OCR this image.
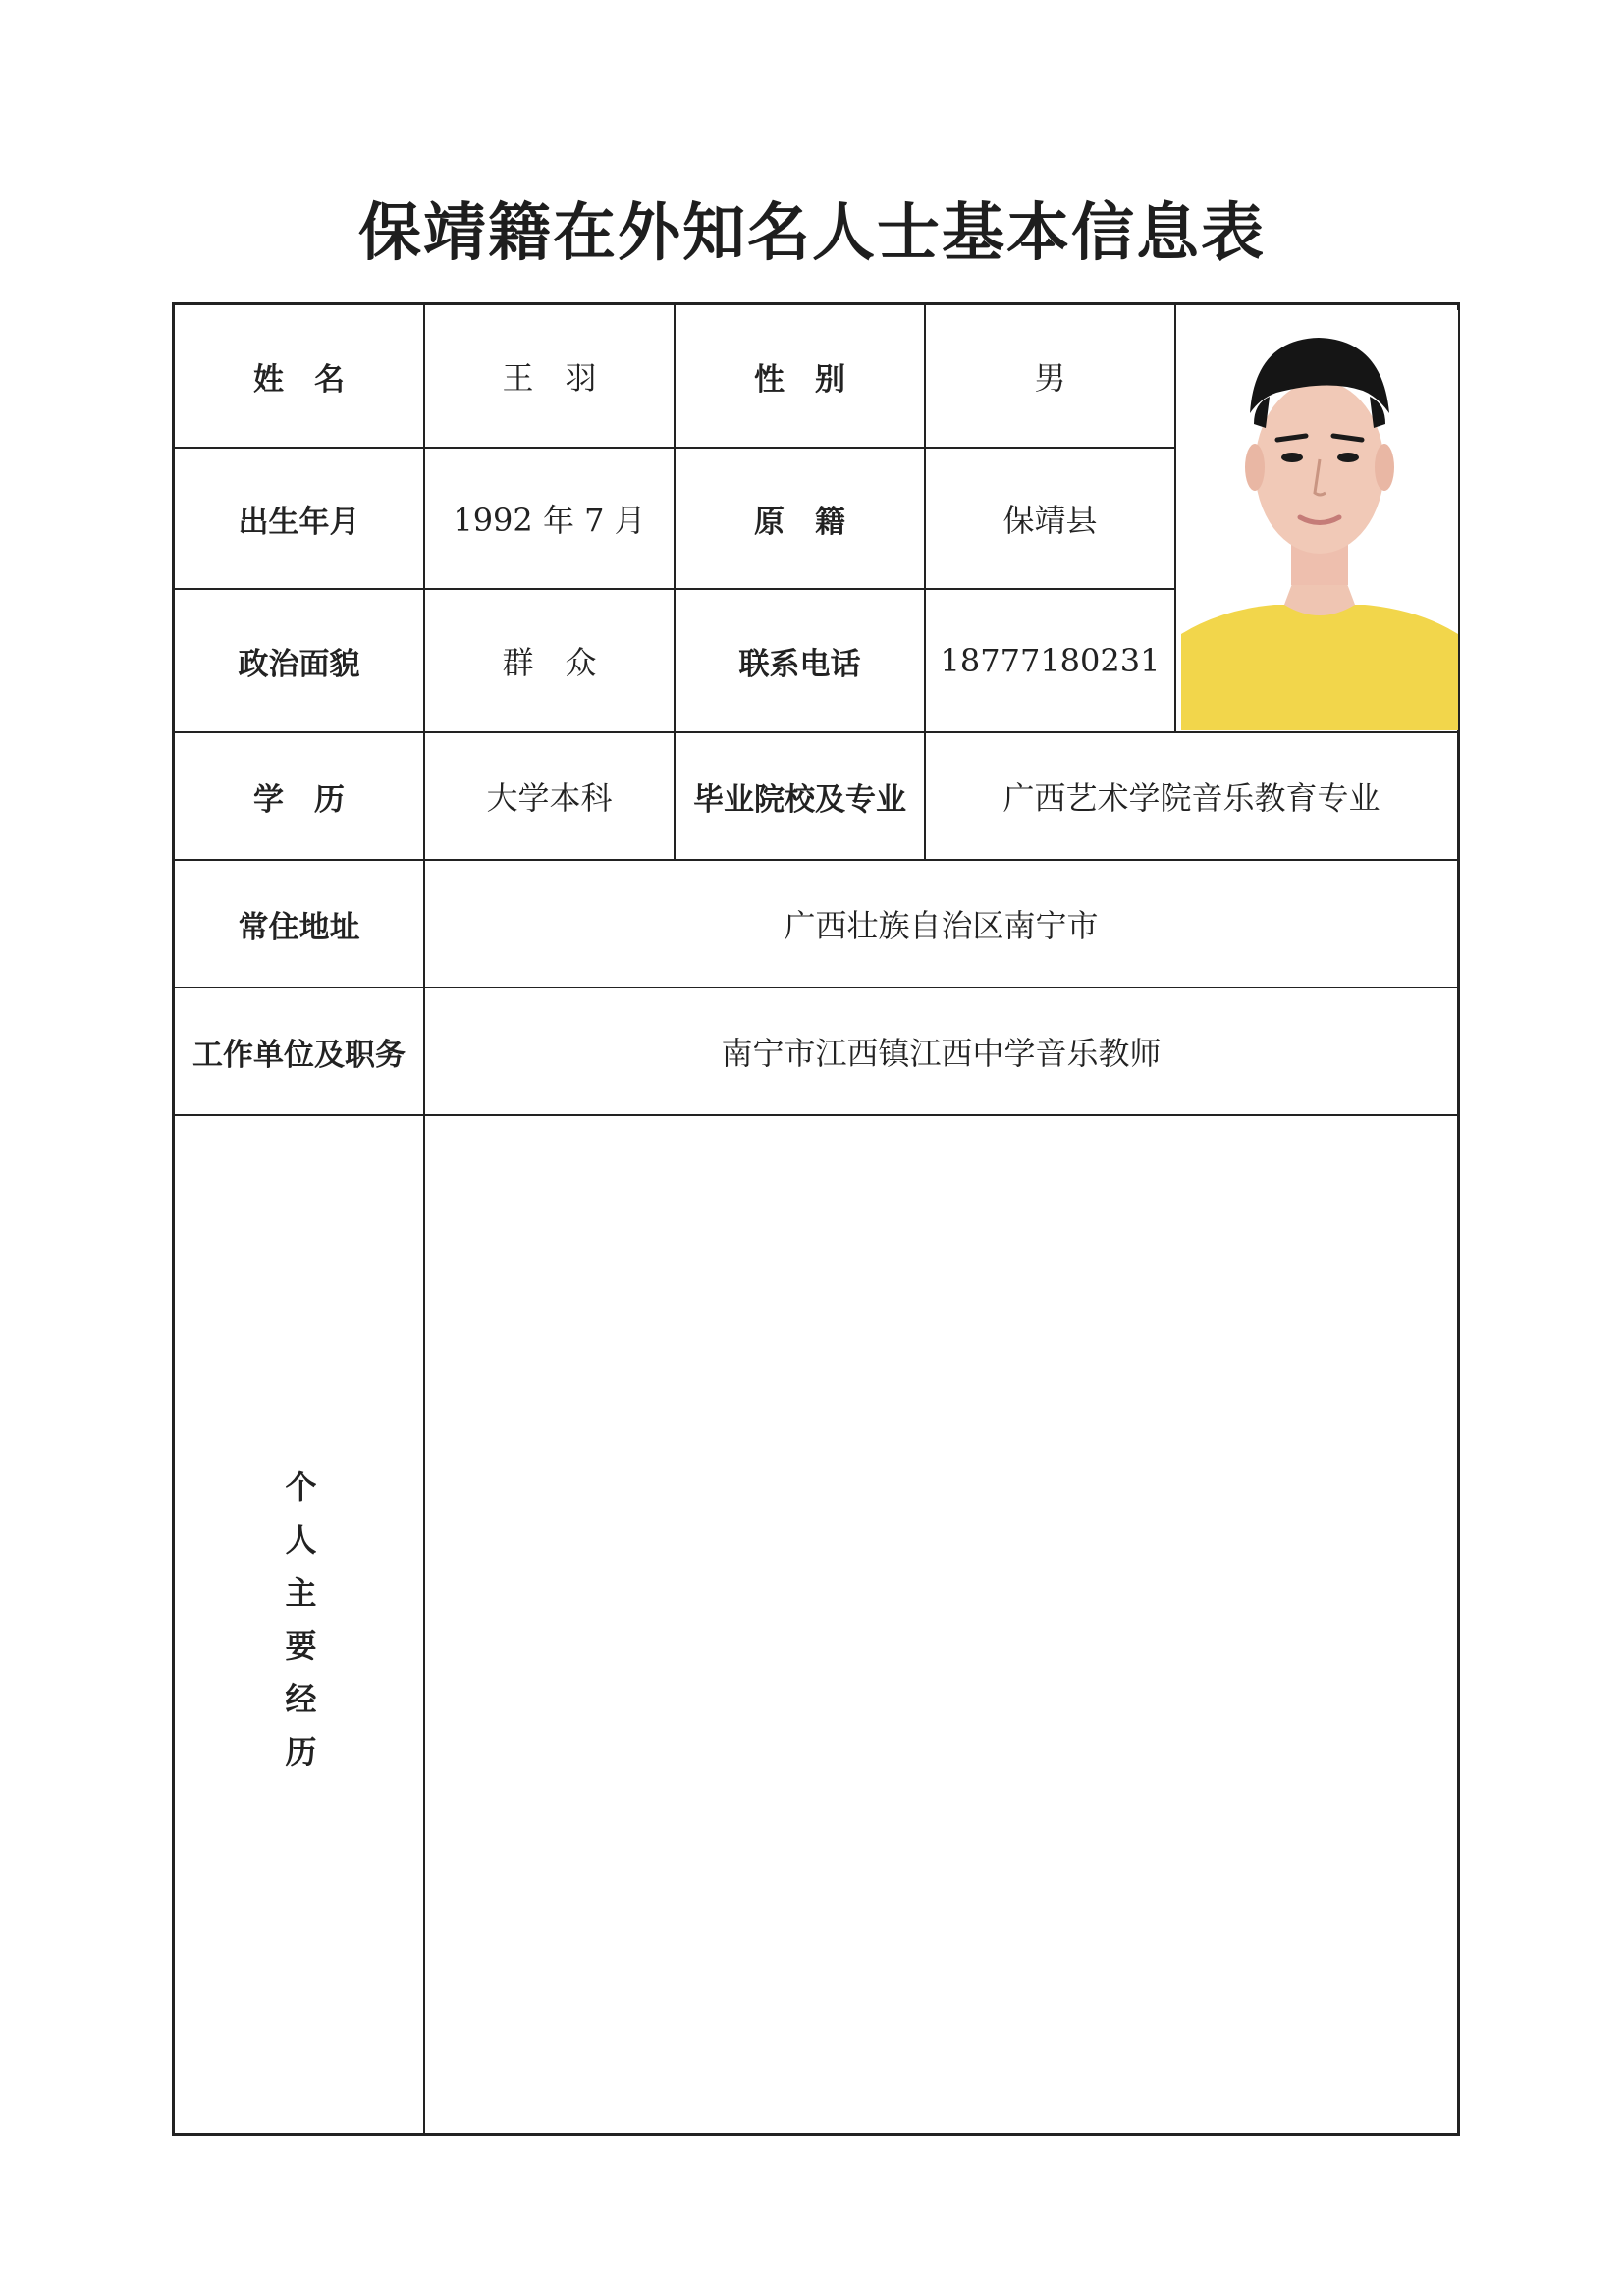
保靖籍在外知名人士基本信息表
姓　名	王　羽	性　别	男
出生年月	1992 年 7 月	原　籍	保靖县
政治面貌	群　众	联系电话	18777180231
学　历	大学本科	毕业院校及专业	广西艺术学院音乐教育专业
常住地址	广西壮族自治区南宁市
工作单位及职务	南宁市江西镇江西中学音乐教师
个人主要经历
